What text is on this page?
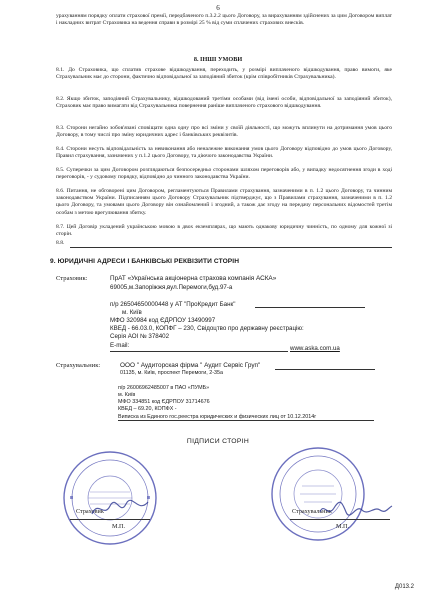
6
урахуванням порядку оплати страхової премії, передбаченого п.3.2.2 цього Договору, за вирахуванням здійснених за цим Договором виплат і накладних витрат Страховика на ведення справи в розмірі 25 % від суми сплачених страхових внесків.
8. ІНШІ УМОВИ
8.1. До Страховика, що сплатив страхове відшкодування, переходить, у розмірі виплаченого відшкодування, право вимоги, яке Страхувальник має до сторони, фактично відповідальної за заподіяний збиток (крім співробітників Страхувальника).
8.2. Якщо збиток, заподіяний Страхувальнику, відшкодований третіми особами (від імені особи, відповідальної за заподіяний збиток), Страховик має право вимагати від Страхувальника повернення раніше виплаченого страхового відшкодування.
8.3. Сторони негайно зобов'язані сповіщати одна одну про всі зміни у своїй діяльності, що можуть вплинути на дотримання умов цього Договору, в тому числі про зміну юридичних адрес і банківських реквізитів.
8.4. Сторони несуть відповідальність за невиконання або неналежне виконання умов цього Договору відповідно до умов цього Договору, Правил страхування, зазначених у п.1.2 цього Договору, та діючого законодавства України.
8.5. Суперечки за цим Договором розглядаються безпосередньо сторонами шляхом переговорів або, у випадку недосягнення згоди в ході переговорів, - у судовому порядку, відповідно до чинного законодавства України.
8.6. Питання, не обговорені цим Договором, регламентуються Правилами страхування, зазначеними в п. 1.2 цього Договору, та чинним законодавством України. Підписанням цього Договору Страхувальник підтверджує, що з Правилами страхування, зазначеними в п. 1.2 цього Договору, та умовами цього Договору він ознайомлений і згодний, а також дає згоду на передачу персональних відомостей третім особам з метою врегулювання збитку.
8.7. Цей Договір укладений українською мовою в двох екземплярах, що мають однакову юридичну чинність, по одному для кожної зі сторін.
8.8.
9. ЮРИДИЧНІ АДРЕСИ І БАНКІВСЬКІ РЕКВІЗИТИ СТОРІН
Страховик:	ПрАТ «Українська акціонерна страхова компанія АСКА»
69005,м.Запоріжжя,вул.Перемоги,буд.97-а
п/р 26504650000448 у АТ "ПроКредит Банк"
м. Київ
МФО 320984 код ЄДРПОУ 13490997
КВЕД - 66.03.0, КОПФГ – 230, Свідоцтво про державну реєстрацію:
Серія АОІ № 378402
E-mail:	www.aska.com.ua
Страхувальник:	ООО " Аудиторская фірма " Аудит Сервіс Груп"
01135, м. Київ, проспект Перемоги, 2-35а
п/р 26006962485007 в ПАО «ПУМБ»
м. Київ
МФО 334851 код ЄДРПОУ 31714676
КВЕД – 69.20, КОПФХ -
Виписка из Единого гос.реестра юридических и физических лиц от 10.12.2014г
ПІДПИСИ СТОРІН
Страховик
М.П.
Страхувальник
М.П.
Д013.2
